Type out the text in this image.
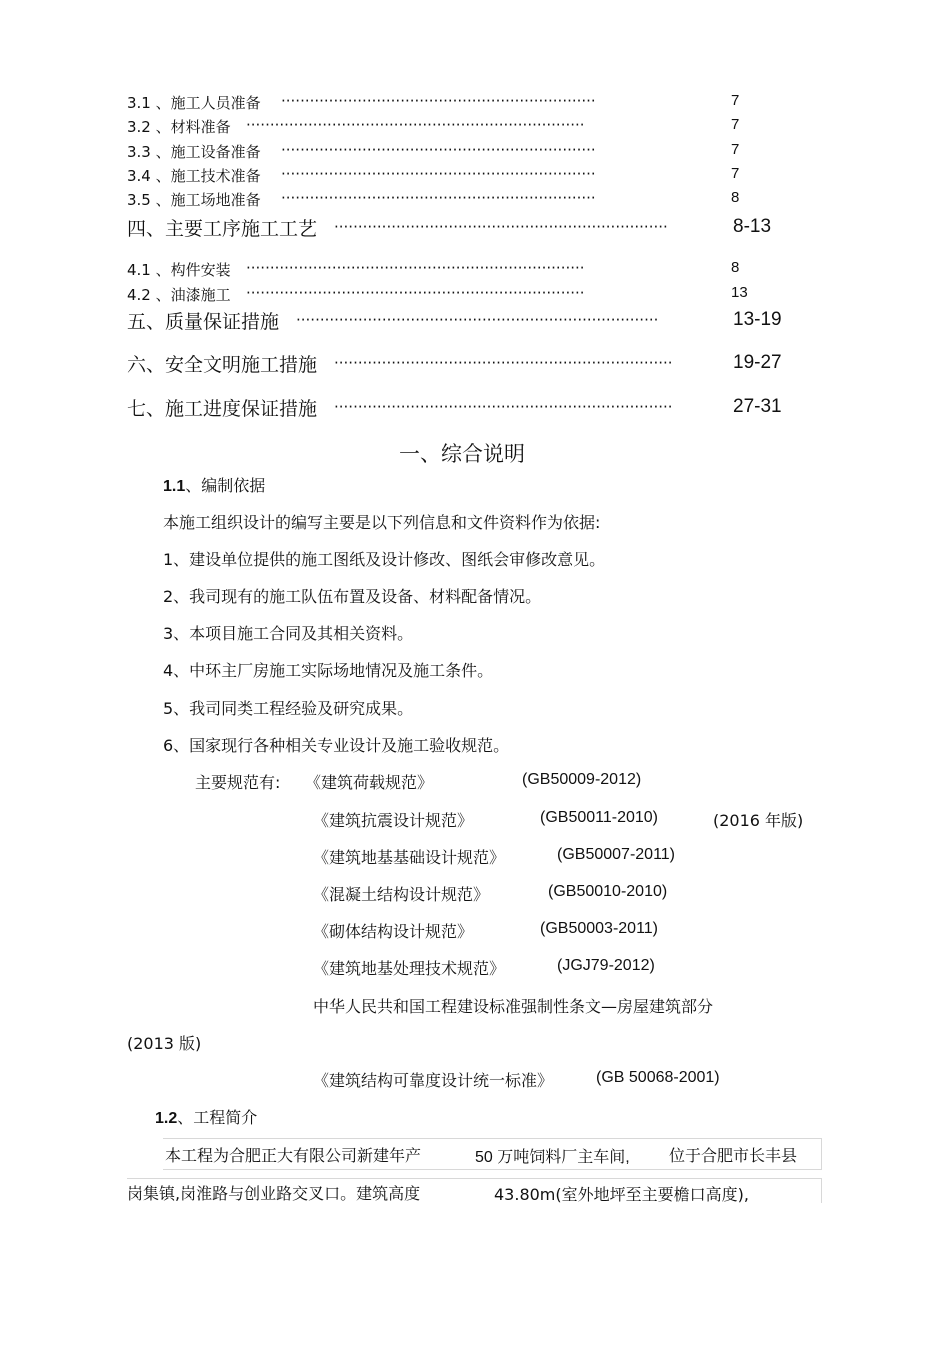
3.1 、施工人员准备 ··································································	7
3.2 、材料准备 ·······································································	7
3.3 、施工设备准备 ··································································	7
3.4 、施工技术准备 ··································································	7
3.5 、施工场地准备 ··································································	8
四、主要工序施工工艺 ······································································	8-13
4.1 、构件安装 ·······································································	8
4.2 、油漆施工 ·······································································	13
五、质量保证措施 ············································································	13-19
六、安全文明施工措施 ·······································································	19-27
七、施工进度保证措施 ·······································································	27-31
一、综合说明
1.1、编制依据
本施工组织设计的编写主要是以下列信息和文件资料作为依据:
1、建设单位提供的施工图纸及设计修改、图纸会审修改意见。
2、我司现有的施工队伍布置及设备、材料配备情况。
3、本项目施工合同及其相关资料。
4、中环主厂房施工实际场地情况及施工条件。
5、我司同类工程经验及研究成果。
6、国家现行各种相关专业设计及施工验收规范。
主要规范有: 《建筑荷载规范》	(GB50009-2012)
《建筑抗震设计规范》	(GB50011-2010)	(2016 年版)
《建筑地基基础设计规范》	(GB50007-2011)
《混凝土结构设计规范》	(GB50010-2010)
《砌体结构设计规范》	(GB50003-2011)
《建筑地基处理技术规范》	(JGJ79-2012)
中华人民共和国工程建设标准强制性条文—房屋建筑部分
(2013 版)
《建筑结构可靠度设计统一标准》	(GB 50068-2001)
1.2、工程简介
本工程为合肥正大有限公司新建年产	50 万吨饲料厂主车间, 位于合肥市长丰县
岗集镇,岗淮路与创业路交叉口。建筑高度	43.80m(室外地坪至主要檐口高度),
